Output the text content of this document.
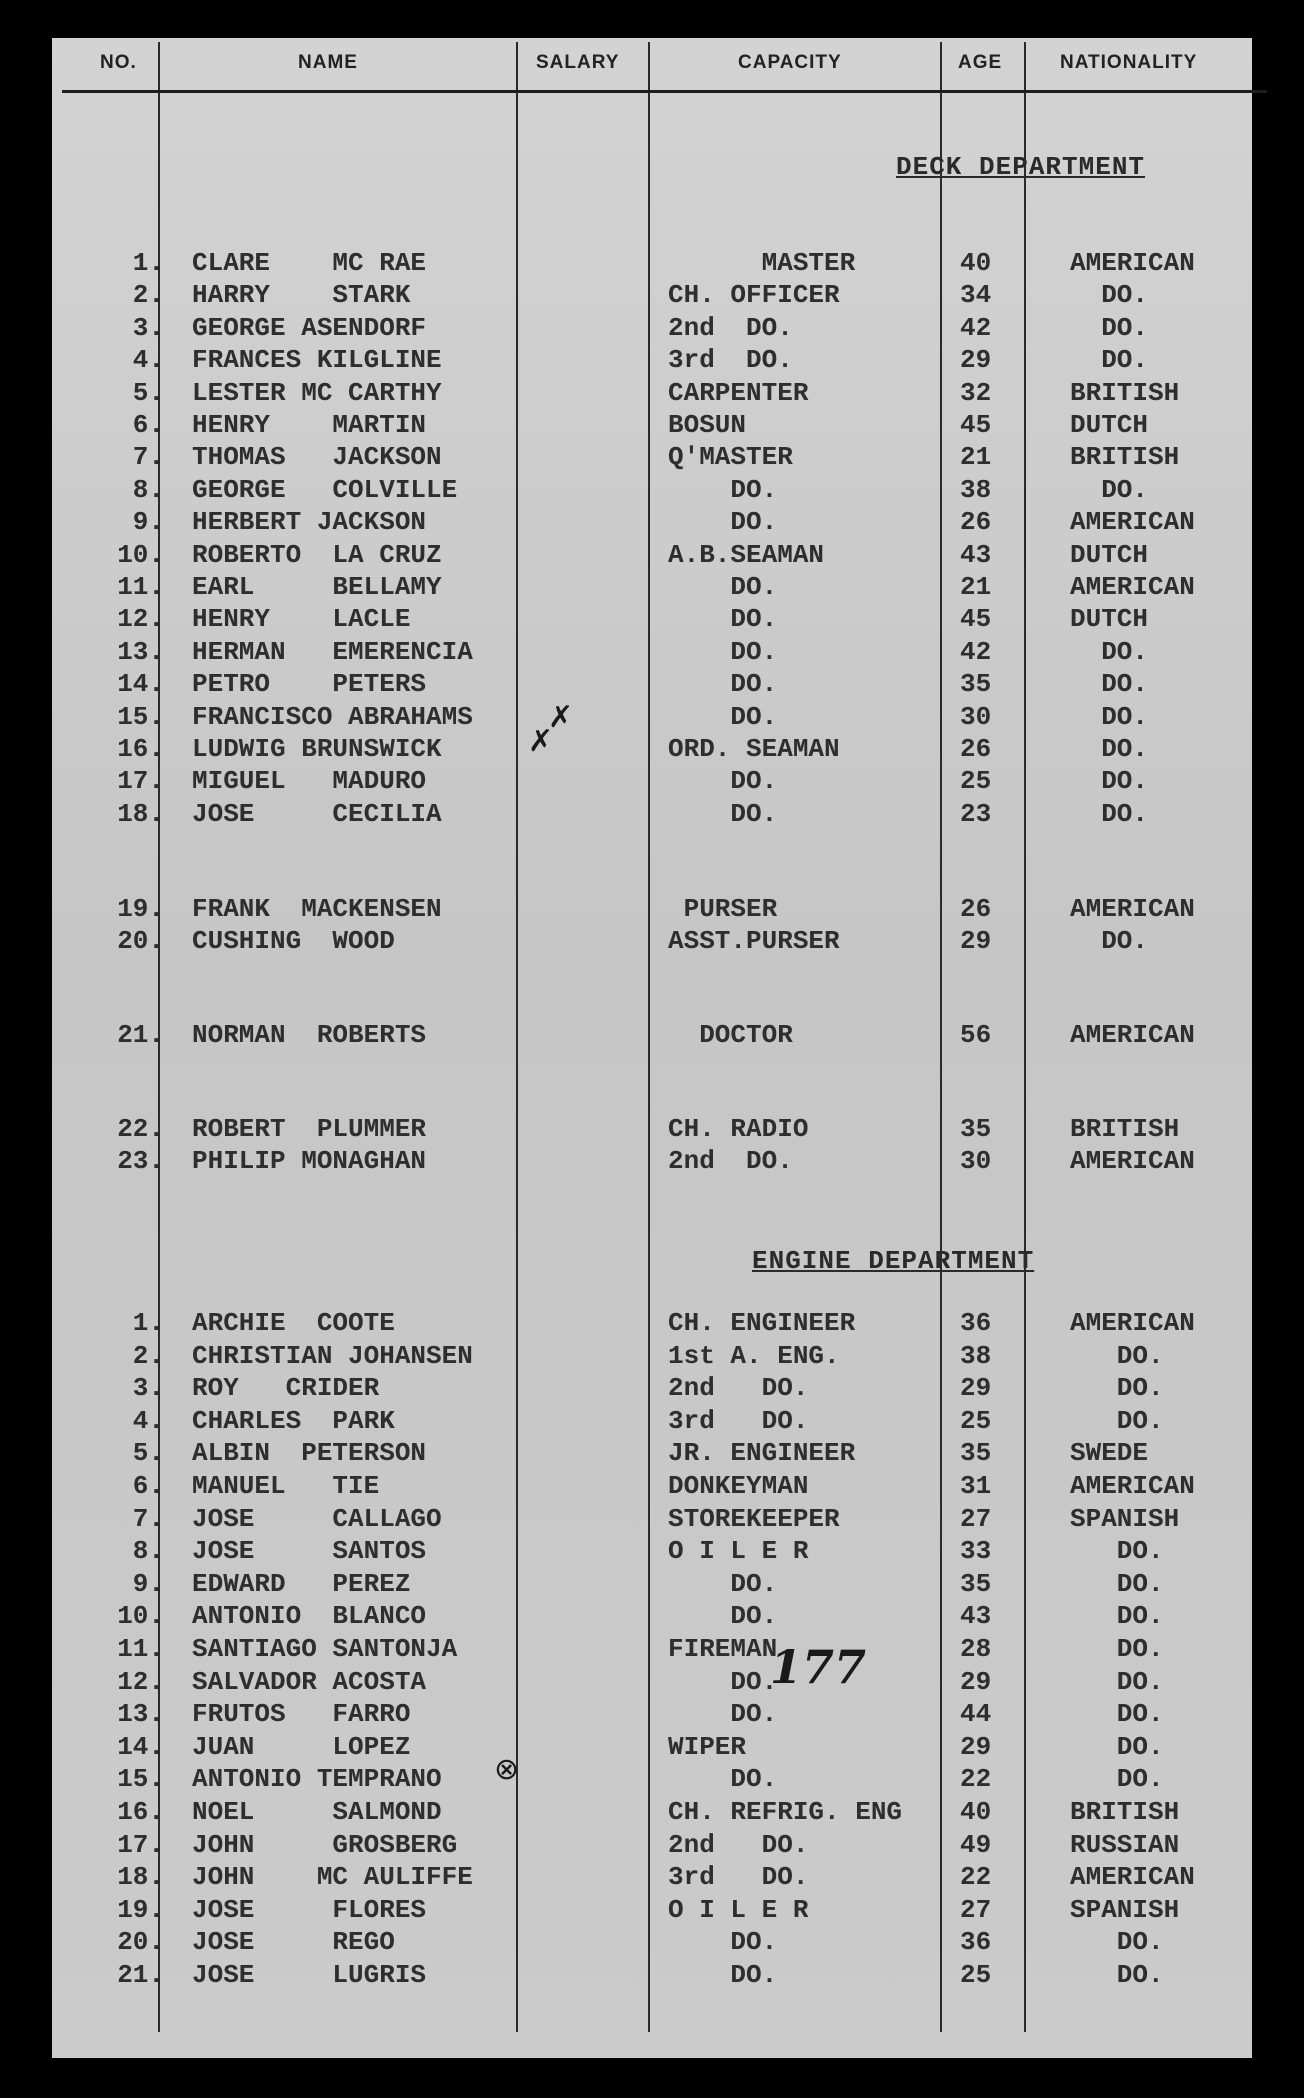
NO.	NAME	SALARY	CAPACITY	AGE	NATIONALITY
DECK DEPARTMENT
ENGINE DEPARTMENT
1. CLARE    MC RAE	MASTER	40	AMERICAN
2. HARRY    STARK	CH. OFFICER	34	DO.
3. GEORGE ASENDORF	2nd  DO.	42	DO.
4. FRANCES KILGLINE	3rd  DO.	29	DO.
5. LESTER MC CARTHY	CARPENTER	32	BRITISH
6. HENRY    MARTIN	BOSUN	45	DUTCH
7. THOMAS   JACKSON	Q'MASTER	21	BRITISH
8. GEORGE   COLVILLE	DO.	38	DO.
9. HERBERT JACKSON	DO.	26	AMERICAN
10. ROBERTO  LA CRUZ	A.B.SEAMAN	43	DUTCH
11. EARL     BELLAMY	DO.	21	AMERICAN
12. HENRY    LACLE	DO.	45	DUTCH
13. HERMAN   EMERENCIA	DO.	42	DO.
14. PETRO    PETERS	DO.	35	DO.
15. FRANCISCO ABRAHAMS	DO.	30	DO.
16. LUDWIG BRUNSWICK	ORD. SEAMAN	26	DO.
17. MIGUEL   MADURO	DO.	25	DO.
18. JOSE     CECILIA	DO.	23	DO.
19. FRANK  MACKENSEN	PURSER	26	AMERICAN
20. CUSHING  WOOD	ASST.PURSER	29	DO.
21. NORMAN  ROBERTS	DOCTOR	56	AMERICAN
22. ROBERT  PLUMMER	CH. RADIO	35	BRITISH
23. PHILIP MONAGHAN	2nd  DO.	30	AMERICAN
1. ARCHIE  COOTE	CH. ENGINEER	36	AMERICAN
2. CHRISTIAN JOHANSEN	1st A. ENG.	38	DO.
3. ROY   CRIDER	2nd   DO.	29	DO.
4. CHARLES  PARK	3rd   DO.	25	DO.
5. ALBIN  PETERSON	JR. ENGINEER	35	SWEDE
6. MANUEL   TIE	DONKEYMAN	31	AMERICAN
7. JOSE     CALLAGO	STOREKEEPER	27	SPANISH
8. JOSE     SANTOS	O I L E R	33	DO.
9. EDWARD   PEREZ	DO.	35	DO.
10. ANTONIO  BLANCO	DO.	43	DO.
11. SANTIAGO SANTONJA	FIREMAN	28	DO.
12. SALVADOR ACOSTA	DO.	29	DO.
13. FRUTOS   FARRO	DO.	44	DO.
14. JUAN     LOPEZ	WIPER	29	DO.
15. ANTONIO TEMPRANO	DO.	22	DO.
16. NOEL     SALMOND	CH. REFRIG. ENG 40	BRITISH
17. JOHN     GROSBERG	2nd   DO.	49	RUSSIAN
18. JOHN    MC AULIFFE	3rd   DO.	22	AMERICAN
19. JOSE     FLORES	O I L E R	27	SPANISH
20. JOSE     REGO	DO.	36	DO.
21. JOSE     LUGRIS	DO.	25	DO.
177
✗
✗
⊗
